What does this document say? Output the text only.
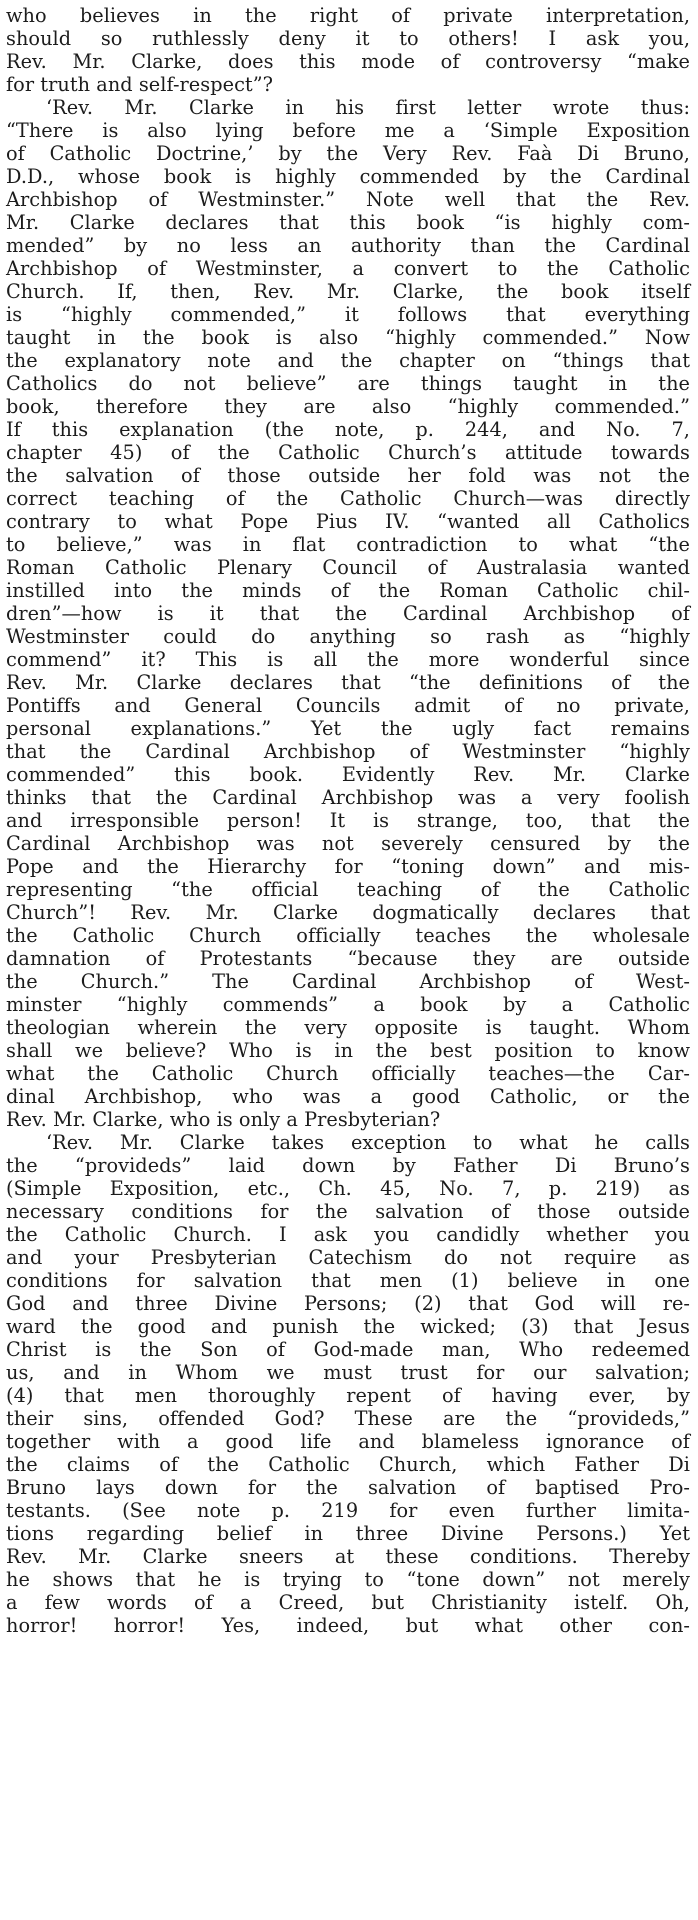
who believes in the right of private interpretation,
should so ruthlessly deny it to others! I ask you,
Rev. Mr. Clarke, does this mode of controversy “make
for truth and self-respect”?
‘Rev. Mr. Clarke in his first letter wrote thus:
“There is also lying before me a ‘Simple Exposition
of Catholic Doctrine,’ by the Very Rev. Faà Di Bruno,
D.D., whose book is highly commended by the Cardinal
Archbishop of Westminster.” Note well that the Rev.
Mr. Clarke declares that this book “is highly com-
mended” by no less an authority than the Cardinal
Archbishop of Westminster, a convert to the Catholic
Church. If, then, Rev. Mr. Clarke, the book itself
is “highly commended,” it follows that everything
taught in the book is also “highly commended.” Now
the explanatory note and the chapter on “things that
Catholics do not believe” are things taught in the
book, therefore they are also “highly commended.”
If this explanation (the note, p. 244, and No. 7,
chapter 45) of the Catholic Church’s attitude towards
the salvation of those outside her fold was not the
correct teaching of the Catholic Church—was directly
contrary to what Pope Pius IV. “wanted all Catholics
to believe,” was in flat contradiction to what “the
Roman Catholic Plenary Council of Australasia wanted
instilled into the minds of the Roman Catholic chil-
dren”—how is it that the Cardinal Archbishop of
Westminster could do anything so rash as “highly
commend” it? This is all the more wonderful since
Rev. Mr. Clarke declares that “the definitions of the
Pontiffs and General Councils admit of no private,
personal explanations.” Yet the ugly fact remains
that the Cardinal Archbishop of Westminster “highly
commended” this book. Evidently Rev. Mr. Clarke
thinks that the Cardinal Archbishop was a very foolish
and irresponsible person! It is strange, too, that the
Cardinal Archbishop was not severely censured by the
Pope and the Hierarchy for “toning down” and mis-
representing “the official teaching of the Catholic
Church”! Rev. Mr. Clarke dogmatically declares that
the Catholic Church officially teaches the wholesale
damnation of Protestants “because they are outside
the Church.” The Cardinal Archbishop of West-
minster “highly commends” a book by a Catholic
theologian wherein the very opposite is taught. Whom
shall we believe? Who is in the best position to know
what the Catholic Church officially teaches—the Car-
dinal Archbishop, who was a good Catholic, or the
Rev. Mr. Clarke, who is only a Presbyterian?
‘Rev. Mr. Clarke takes exception to what he calls
the “provideds” laid down by Father Di Bruno’s
(Simple Exposition, etc., Ch. 45, No. 7, p. 219) as
necessary conditions for the salvation of those outside
the Catholic Church. I ask you candidly whether you
and your Presbyterian Catechism do not require as
conditions for salvation that men (1) believe in one
God and three Divine Persons; (2) that God will re-
ward the good and punish the wicked; (3) that Jesus
Christ is the Son of God-made man, Who redeemed
us, and in Whom we must trust for our salvation;
(4) that men thoroughly repent of having ever, by
their sins, offended God? These are the “provideds,”
together with a good life and blameless ignorance of
the claims of the Catholic Church, which Father Di
Bruno lays down for the salvation of baptised Pro-
testants. (See note p. 219 for even further limita-
tions regarding belief in three Divine Persons.) Yet
Rev. Mr. Clarke sneers at these conditions. Thereby
he shows that he is trying to “tone down” not merely
a few words of a Creed, but Christianity istelf. Oh,
horror! horror! Yes, indeed, but what other con-
